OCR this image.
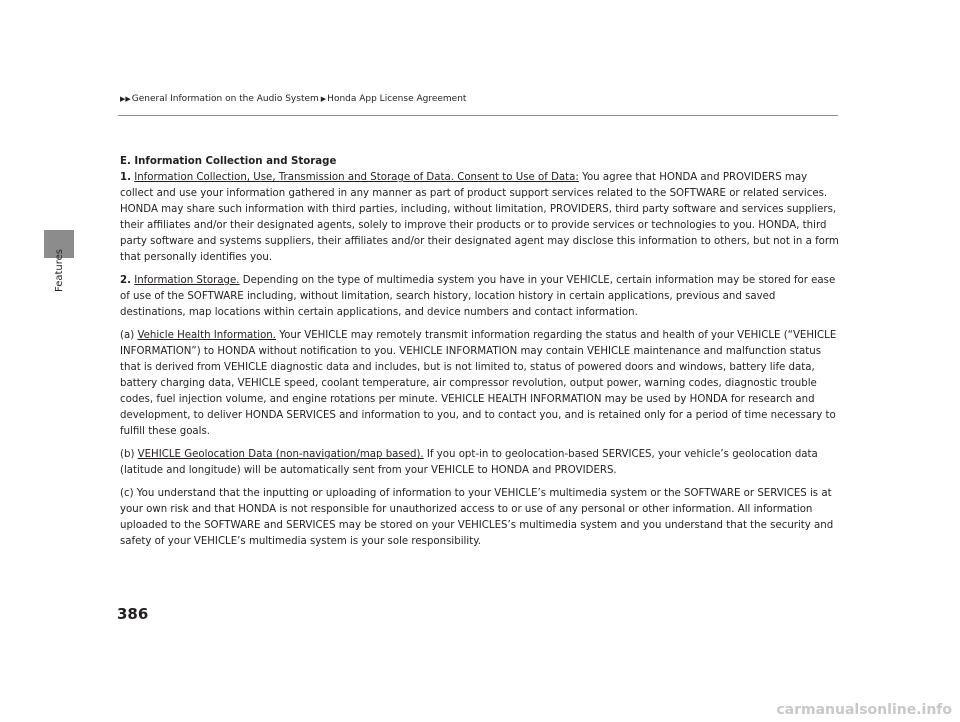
Features
▶▶ General Information on the Audio System ▶ Honda App License Agreement

E. Information Collection and Storage
1. Information Collection, Use, Transmission and Storage of Data. Consent to Use of Data: You agree that HONDA and PROVIDERS may collect and use your information gathered in any manner as part of product support services related to the SOFTWARE or related services. HONDA may share such information with third parties, including, without limitation, PROVIDERS, third party software and services suppliers, their affiliates and/or their designated agents, solely to improve their products or to provide services or technologies to you. HONDA, third party software and systems suppliers, their affiliates and/or their designated agent may disclose this information to others, but not in a form that personally identifies you.

2. Information Storage. Depending on the type of multimedia system you have in your VEHICLE, certain information may be stored for ease of use of the SOFTWARE including, without limitation, search history, location history in certain applications, previous and saved destinations, map locations within certain applications, and device numbers and contact information.

(a) Vehicle Health Information. Your VEHICLE may remotely transmit information regarding the status and health of your VEHICLE (“VEHICLE INFORMATION”) to HONDA without notification to you. VEHICLE INFORMATION may contain VEHICLE maintenance and malfunction status that is derived from VEHICLE diagnostic data and includes, but is not limited to, status of powered doors and windows, battery life data, battery charging data, VEHICLE speed, coolant temperature, air compressor revolution, output power, warning codes, diagnostic trouble codes, fuel injection volume, and engine rotations per minute. VEHICLE HEALTH INFORMATION may be used by HONDA for research and development, to deliver HONDA SERVICES and information to you, and to contact you, and is retained only for a period of time necessary to fulfill these goals.

(b) VEHICLE Geolocation Data (non-navigation/map based). If you opt-in to geolocation-based SERVICES, your vehicle’s geolocation data (latitude and longitude) will be automatically sent from your VEHICLE to HONDA and PROVIDERS.

(c) You understand that the inputting or uploading of information to your VEHICLE’s multimedia system or the SOFTWARE or SERVICES is at your own risk and that HONDA is not responsible for unauthorized access to or use of any personal or other information. All information uploaded to the SOFTWARE and SERVICES may be stored on your VEHICLES’s multimedia system and you understand that the security and safety of your VEHICLE’s multimedia system is your sole responsibility.

386
carmanualsonline.info
